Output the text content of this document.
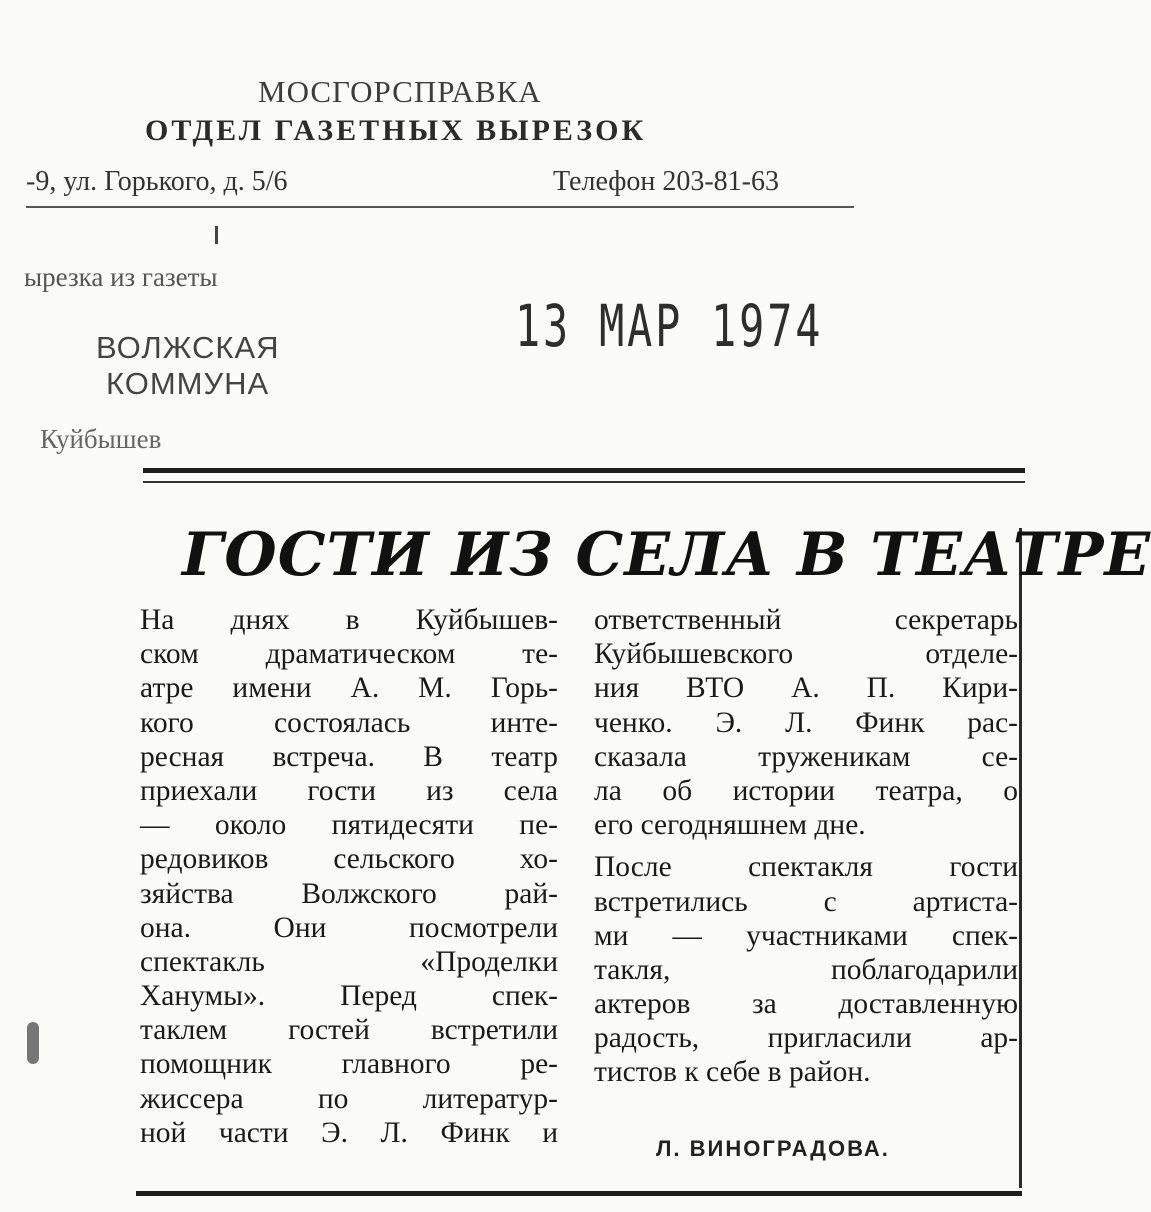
МОСГОРСПРАВКА
ОТДЕЛ ГАЗЕТНЫХ ВЫРЕЗОК
-9, ул. Горького, д. 5/6	Телефон 203-81-63
ырезка из газеты
13 МАР 1974
ВОЛЖСКАЯ
КОММУНА
Куйбышев
ГОСТИ ИЗ СЕЛА В ТЕАТРЕ
На днях в Куйбышев-
ском драматическом те-
атре имени А. М. Горь-
кого состоялась инте-
ресная встреча. В театр
приехали гости из села
— около пятидесяти пе-
редовиков сельского хо-
зяйства Волжского рай-
она. Они посмотрели
спектакль «Проделки
Ханумы». Перед спек-
таклем гостей встретили
помощник главного ре-
жиссера по литератур-
ной части Э. Л. Финк и
ответственный секретарь
Куйбышевского отделе-
ния ВТО А. П. Кири-
ченко. Э. Л. Финк рас-
сказала труженикам се-
ла об истории театра, о
его сегодняшнем дне.
После спектакля гости
встретились с артиста-
ми — участниками спек-
такля, поблагодарили
актеров за доставленную
радость, пригласили ар-
тистов к себе в район.
Л. ВИНОГРАДОВА.
